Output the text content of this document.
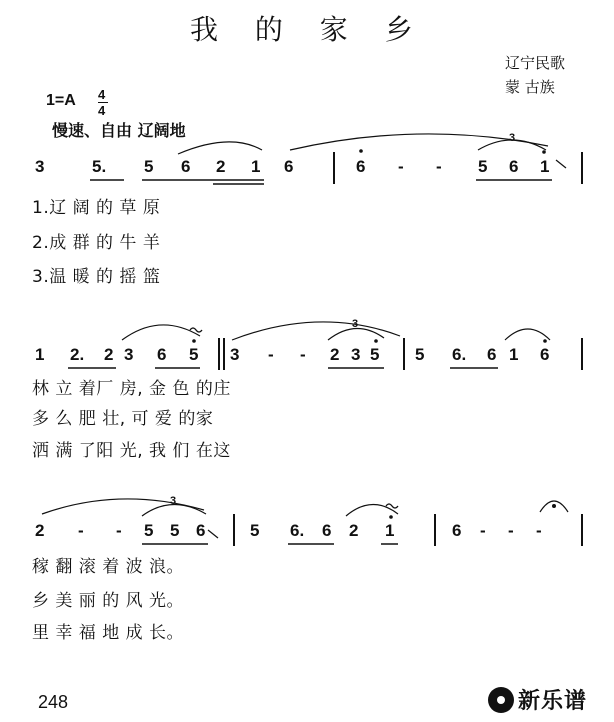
我 的 家 乡
辽宁民歌
蒙 古族
1=A 4
4
慢速、自由 辽阔地
3	5. 5 6 2 1 6	6 - - 5 6 1
3
1 2. 2 3 6 5 3 - - 2 3 5 5 6. 6 1 6
3
2 - - 5 5 6	5 6. 6 2 1	6 - - -
3
1.辽 阔 的 草 原
2.成 群 的 牛 羊
3.温 暖 的 摇 篮
林 立 着厂 房, 金 色 的庄
多 么 肥 壮, 可 爱 的家
洒 满 了阳 光, 我 们 在这
稼 翻 滚 着 波 浪。
乡 美 丽 的 风 光。
里 幸 福 地 成 长。
248	新乐谱
